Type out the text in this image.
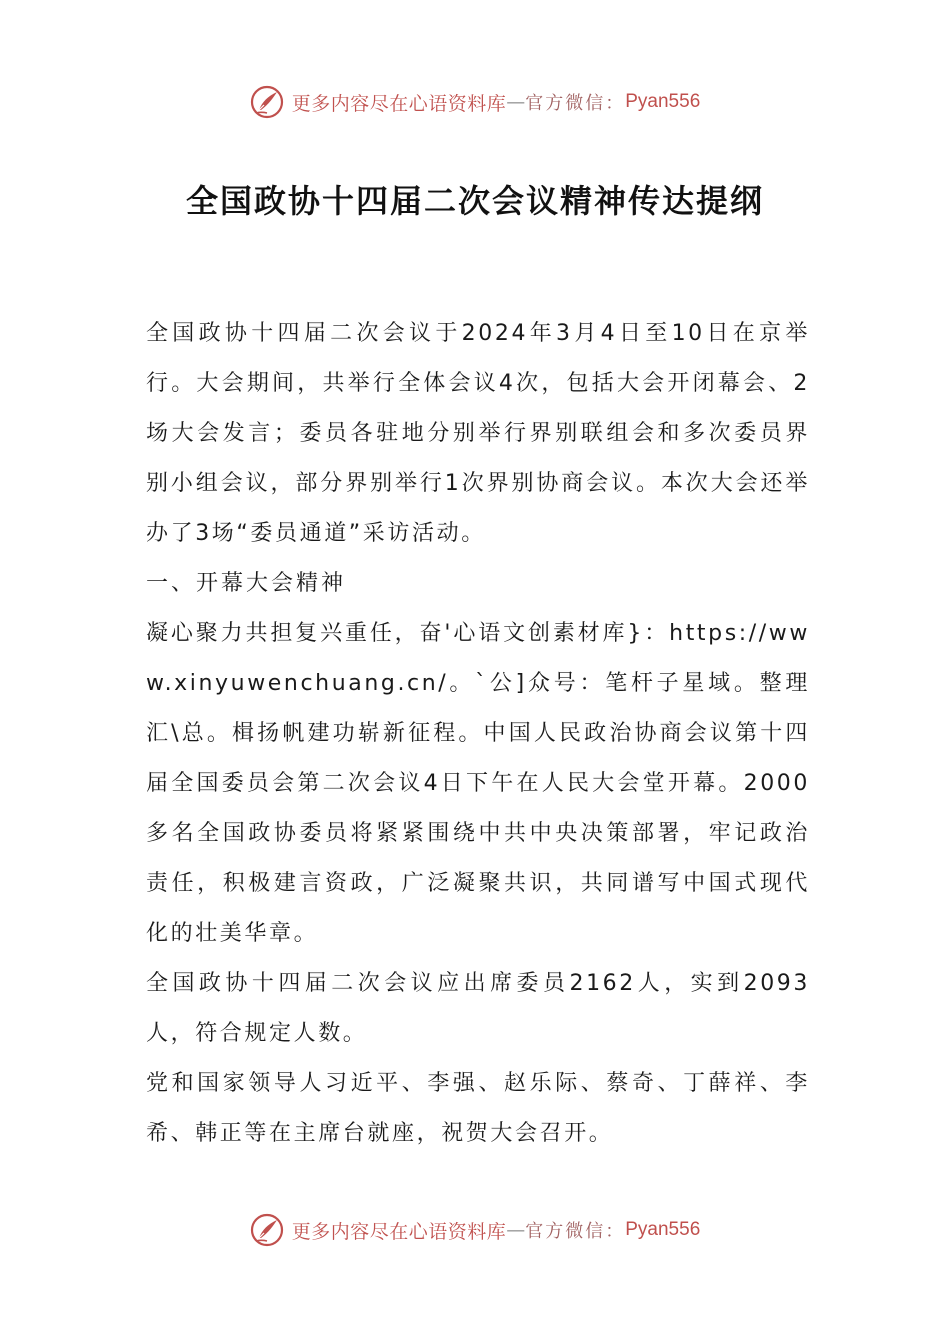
更多内容尽在心语资料库 — 官方微信： Pyan556
全国政协十四届二次会议精神传达提纲

全国政协十四届二次会议于2024年3月4日至10日在京举行。大会期间，共举行全体会议4次，包括大会开闭幕会、2场大会发言；委员各驻地分别举行界别联组会和多次委员界别小组会议，部分界别举行1次界别协商会议。本次大会还举办了3场“委员通道”采访活动。

一、开幕大会精神

凝心聚力共担复兴重任，奋'心语文创素材库}：https://www.xinyuwenchuang.cn/。`公]众号：笔杆子星域。整理汇\总。楫扬帆建功崭新征程。中国人民政治协商会议第十四届全国委员会第二次会议4日下午在人民大会堂开幕。2000多名全国政协委员将紧紧围绕中共中央决策部署，牢记政治责任，积极建言资政，广泛凝聚共识，共同谱写中国式现代化的壮美华章。

全国政协十四届二次会议应出席委员2162人，实到2093人，符合规定人数。

党和国家领导人习近平、李强、赵乐际、蔡奇、丁薛祥、李希、韩正等在主席台就座，祝贺大会召开。

更多内容尽在心语资料库 — 官方微信： Pyan556
